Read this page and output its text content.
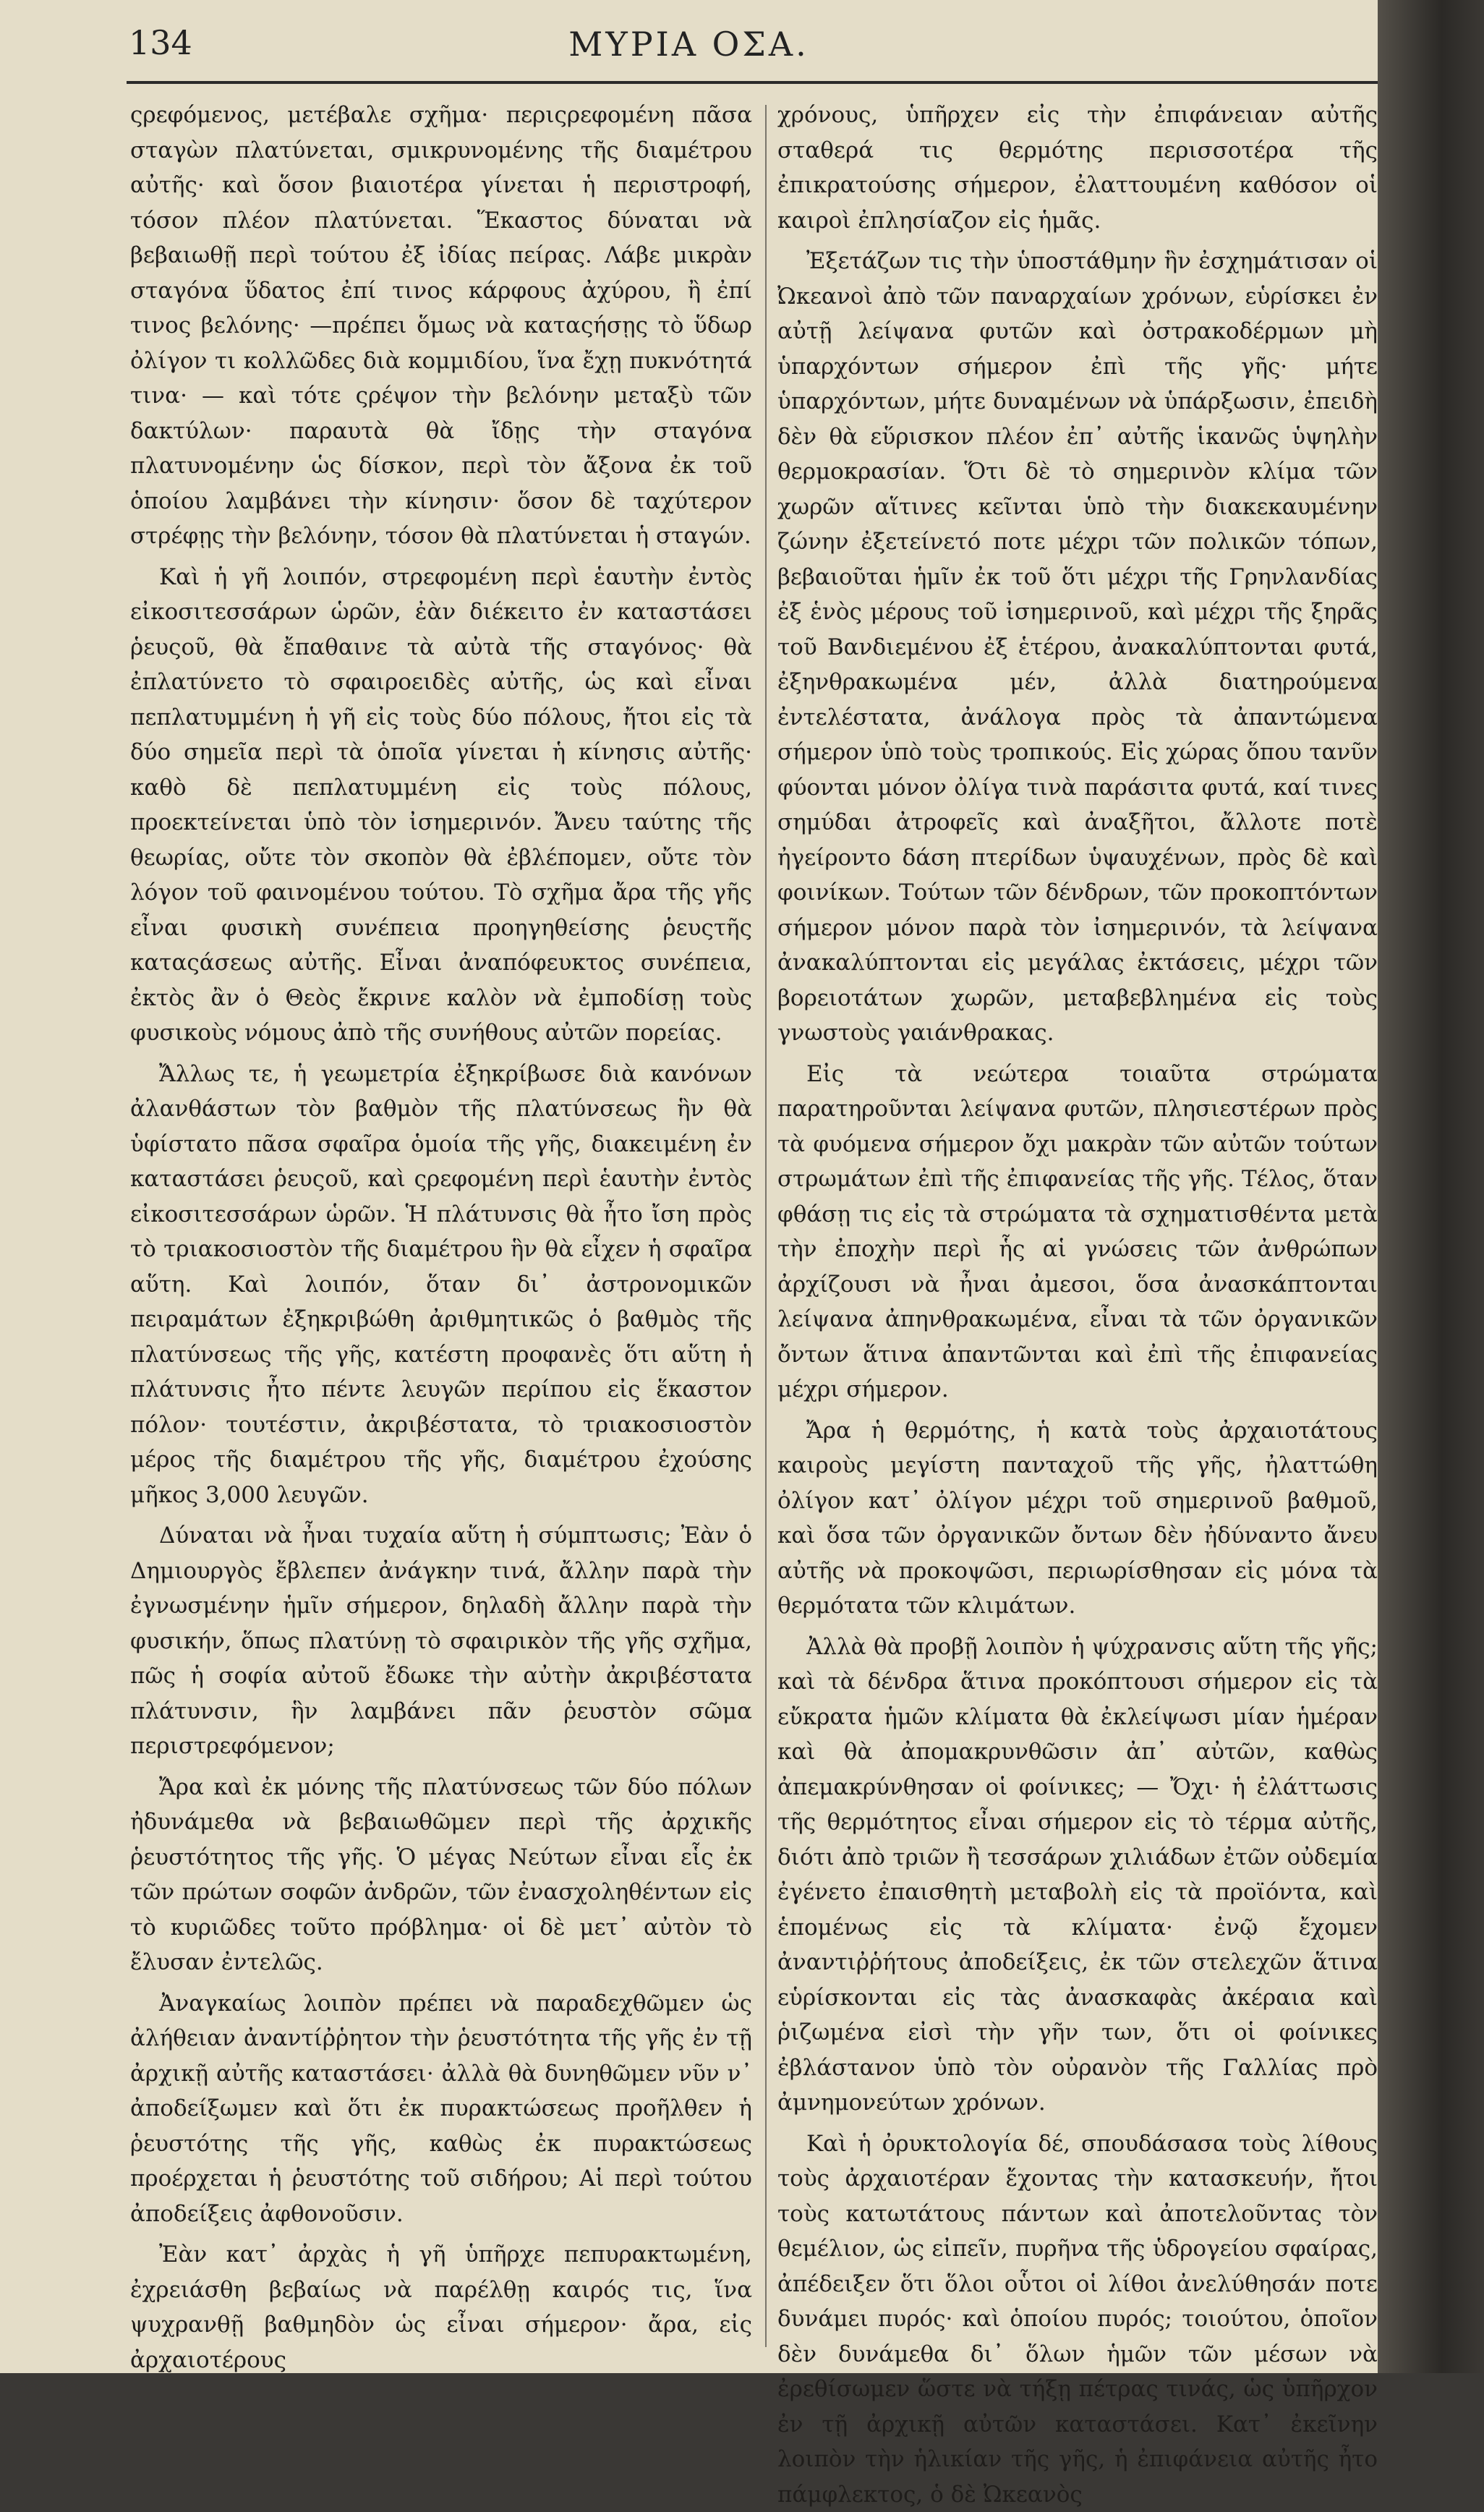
134	ΜΥΡΙΑ ΟΣΑ.

ςρεφόμενος, μετέβαλε σχῆμα· περιςρεφομένη πᾶσα σταγὼν πλατύνεται, σμικρυνομένης τῆς διαμέτρου αὐτῆς· καὶ ὅσον βιαιοτέρα γίνεται ἡ περιστροφή, τόσον πλέον πλατύνεται. Ἕκαστος δύναται νὰ βεβαιωθῇ περὶ τούτου ἐξ ἰδίας πείρας. Λάβε μικρὰν σταγόνα ὕδατος ἐπί τινος κάρφους ἀχύρου, ἢ ἐπί τινος βελόνης· —πρέπει ὅμως νὰ καταςήσῃς τὸ ὕδωρ ὀλίγον τι κολλῶδες διὰ κομμιδίου, ἵνα ἔχῃ πυκνότητά τινα· — καὶ τότε ςρέψον τὴν βελόνην μεταξὺ τῶν δακτύλων· παραυτὰ θὰ ἴδῃς τὴν σταγόνα πλατυνομένην ὡς δίσκον, περὶ τὸν ἄξονα ἐκ τοῦ ὁποίου λαμβάνει τὴν κίνησιν· ὅσον δὲ ταχύτερον στρέφῃς τὴν βελόνην, τόσον θὰ πλατύνεται ἡ σταγών.

Καὶ ἡ γῆ λοιπόν, στρεφομένη περὶ ἑαυτὴν ἐντὸς εἰκοσιτεσσάρων ὡρῶν, ἐὰν διέκειτο ἐν καταστάσει ῥευςοῦ, θὰ ἔπαθαινε τὰ αὐτὰ τῆς σταγόνος· θὰ ἐπλατύνετο τὸ σφαιροειδὲς αὐτῆς, ὡς καὶ εἶναι πεπλατυμμένη ἡ γῆ εἰς τοὺς δύο πόλους, ἤτοι εἰς τὰ δύο σημεῖα περὶ τὰ ὁποῖα γίνεται ἡ κίνησις αὐτῆς· καθὸ δὲ πεπλατυμμένη εἰς τοὺς πόλους, προεκτείνεται ὑπὸ τὸν ἰσημερινόν. Ἄνευ ταύτης τῆς θεωρίας, οὔτε τὸν σκοπὸν θὰ ἐβλέπομεν, οὔτε τὸν λόγον τοῦ φαινομένου τούτου. Τὸ σχῆμα ἄρα τῆς γῆς εἶναι φυσικὴ συνέπεια προηγηθείσης ῥευςτῆς καταςάσεως αὐτῆς. Εἶναι ἀναπόφευκτος συνέπεια, ἐκτὸς ἂν ὁ Θεὸς ἔκρινε καλὸν νὰ ἐμποδίσῃ τοὺς φυσικοὺς νόμους ἀπὸ τῆς συνήθους αὐτῶν πορείας.

Ἄλλως τε, ἡ γεωμετρία ἐξηκρίβωσε διὰ κανόνων ἀλανθάστων τὸν βαθμὸν τῆς πλατύνσεως ἣν θὰ ὑφίστατο πᾶσα σφαῖρα ὁμοία τῆς γῆς, διακειμένη ἐν καταστάσει ῥευςοῦ, καὶ ςρεφομένη περὶ ἑαυτὴν ἐντὸς εἰκοσιτεσσάρων ὡρῶν. Ἡ πλάτυνσις θὰ ἦτο ἴση πρὸς τὸ τριακοσιοστὸν τῆς διαμέτρου ἣν θὰ εἶχεν ἡ σφαῖρα αὕτη. Καὶ λοιπόν, ὅταν δι᾽ ἀστρονομικῶν πειραμάτων ἐξηκριβώθη ἀριθμητικῶς ὁ βαθμὸς τῆς πλατύνσεως τῆς γῆς, κατέστη προφανὲς ὅτι αὕτη ἡ πλάτυνσις ἦτο πέντε λευγῶν περίπου εἰς ἕκαστον πόλον· τουτέστιν, ἀκριβέστατα, τὸ τριακοσιοστὸν μέρος τῆς διαμέτρου τῆς γῆς, διαμέτρου ἐχούσης μῆκος 3,000 λευγῶν.

Δύναται νὰ ἦναι τυχαία αὕτη ἡ σύμπτωσις; Ἐὰν ὁ Δημιουργὸς ἔβλεπεν ἀνάγκην τινά, ἄλλην παρὰ τὴν ἐγνωσμένην ἡμῖν σήμερον, δηλαδὴ ἄλλην παρὰ τὴν φυσικήν, ὅπως πλατύνῃ τὸ σφαιρικὸν τῆς γῆς σχῆμα, πῶς ἡ σοφία αὐτοῦ ἔδωκε τὴν αὐτὴν ἀκριβέστατα πλάτυνσιν, ἣν λαμβάνει πᾶν ῥευστὸν σῶμα περιστρεφόμενον;

Ἄρα καὶ ἐκ μόνης τῆς πλατύνσεως τῶν δύο πόλων ἠδυνάμεθα νὰ βεβαιωθῶμεν περὶ τῆς ἀρχικῆς ῥευστότητος τῆς γῆς. Ὁ μέγας Νεύτων εἶναι εἷς ἐκ τῶν πρώτων σοφῶν ἀνδρῶν, τῶν ἐνασχοληθέντων εἰς τὸ κυριῶδες τοῦτο πρόβλημα· οἱ δὲ μετ᾽ αὐτὸν τὸ ἔλυσαν ἐντελῶς.

Ἀναγκαίως λοιπὸν πρέπει νὰ παραδεχθῶμεν ὡς ἀλήθειαν ἀναντίῤῥητον τὴν ῥευστότητα τῆς γῆς ἐν τῇ ἀρχικῇ αὐτῆς καταστάσει· ἀλλὰ θὰ δυνηθῶμεν νῦν ν᾽ ἀποδείξωμεν καὶ ὅτι ἐκ πυρακτώσεως προῆλθεν ἡ ῥευστότης τῆς γῆς, καθὼς ἐκ πυρακτώσεως προέρχεται ἡ ῥευστότης τοῦ σιδήρου; Αἱ περὶ τούτου ἀποδείξεις ἀφθονοῦσιν.

Ἐὰν κατ᾽ ἀρχὰς ἡ γῆ ὑπῆρχε πεπυρακτωμένη, ἐχρειάσθη βεβαίως νὰ παρέλθῃ καιρός τις, ἵνα ψυχρανθῇ βαθμηδὸν ὡς εἶναι σήμερον· ἄρα, εἰς ἀρχαιοτέρους

χρόνους, ὑπῆρχεν εἰς τὴν ἐπιφάνειαν αὐτῆς σταθερά τις θερμότης περισσοτέρα τῆς ἐπικρατούσης σήμερον, ἐλαττουμένη καθόσον οἱ καιροὶ ἐπλησίαζον εἰς ἡμᾶς.

Ἐξετάζων τις τὴν ὑποστάθμην ἣν ἐσχημάτισαν οἱ Ὠκεανοὶ ἀπὸ τῶν παναρχαίων χρόνων, εὑρίσκει ἐν αὐτῇ λείψανα φυτῶν καὶ ὀστρακοδέρμων μὴ ὑπαρχόντων σήμερον ἐπὶ τῆς γῆς· μήτε ὑπαρχόντων, μήτε δυναμένων νὰ ὑπάρξωσιν, ἐπειδὴ δὲν θὰ εὕρισκον πλέον ἐπ᾽ αὐτῆς ἱκανῶς ὑψηλὴν θερμοκρασίαν. Ὅτι δὲ τὸ σημερινὸν κλίμα τῶν χωρῶν αἵτινες κεῖνται ὑπὸ τὴν διακεκαυμένην ζώνην ἐξετείνετό ποτε μέχρι τῶν πολικῶν τόπων, βεβαιοῦται ἡμῖν ἐκ τοῦ ὅτι μέχρι τῆς Γρηνλανδίας ἐξ ἑνὸς μέρους τοῦ ἰσημερινοῦ, καὶ μέχρι τῆς ξηρᾶς τοῦ Βανδιεμένου ἐξ ἑτέρου, ἀνακαλύπτονται φυτά, ἐξηνθρακωμένα μέν, ἀλλὰ διατηρούμενα ἐντελέστατα, ἀνάλογα πρὸς τὰ ἀπαντώμενα σήμερον ὑπὸ τοὺς τροπικούς. Εἰς χώρας ὅπου τανῦν φύονται μόνον ὀλίγα τινὰ παράσιτα φυτά, καί τινες σημύδαι ἀτροφεῖς καὶ ἀναξῆτοι, ἄλλοτε ποτὲ ἠγείροντο δάση πτερίδων ὑψαυχένων, πρὸς δὲ καὶ φοινίκων. Τούτων τῶν δένδρων, τῶν προκοπτόντων σήμερον μόνον παρὰ τὸν ἰσημερινόν, τὰ λείψανα ἀνακαλύπτονται εἰς μεγάλας ἐκτάσεις, μέχρι τῶν βορειοτάτων χωρῶν, μεταβεβλημένα εἰς τοὺς γνωστοὺς γαιάνθρακας.

Εἰς τὰ νεώτερα τοιαῦτα στρώματα παρατηροῦνται λείψανα φυτῶν, πλησιεστέρων πρὸς τὰ φυόμενα σήμερον ὄχι μακρὰν τῶν αὐτῶν τούτων στρωμάτων ἐπὶ τῆς ἐπιφανείας τῆς γῆς. Τέλος, ὅταν φθάσῃ τις εἰς τὰ στρώματα τὰ σχηματισθέντα μετὰ τὴν ἐποχὴν περὶ ἧς αἱ γνώσεις τῶν ἀνθρώπων ἀρχίζουσι νὰ ἦναι ἀμεσοι, ὅσα ἀνασκάπτονται λείψανα ἀπηνθρακωμένα, εἶναι τὰ τῶν ὀργανικῶν ὄντων ἅτινα ἀπαντῶνται καὶ ἐπὶ τῆς ἐπιφανείας μέχρι σήμερον.

Ἄρα ἡ θερμότης, ἡ κατὰ τοὺς ἀρχαιοτάτους καιροὺς μεγίστη πανταχοῦ τῆς γῆς, ἠλαττώθη ὀλίγον κατ᾽ ὀλίγον μέχρι τοῦ σημερινοῦ βαθμοῦ, καὶ ὅσα τῶν ὀργανικῶν ὄντων δὲν ἠδύναντο ἄνευ αὐτῆς νὰ προκοψῶσι, περιωρίσθησαν εἰς μόνα τὰ θερμότατα τῶν κλιμάτων.

Ἀλλὰ θὰ προβῇ λοιπὸν ἡ ψύχρανσις αὕτη τῆς γῆς; καὶ τὰ δένδρα ἅτινα προκόπτουσι σήμερον εἰς τὰ εὔκρατα ἡμῶν κλίματα θὰ ἐκλείψωσι μίαν ἡμέραν καὶ θὰ ἀπομακρυνθῶσιν ἀπ᾽ αὐτῶν, καθὼς ἀπεμακρύνθησαν οἱ φοίνικες; — Ὄχι· ἡ ἐλάττωσις τῆς θερμότητος εἶναι σήμερον εἰς τὸ τέρμα αὐτῆς, διότι ἀπὸ τριῶν ἢ τεσσάρων χιλιάδων ἐτῶν οὐδεμία ἐγένετο ἐπαισθητὴ μεταβολὴ εἰς τὰ προϊόντα, καὶ ἑπομένως εἰς τὰ κλίματα· ἐνῷ ἔχομεν ἀναντιῤῥήτους ἀποδείξεις, ἐκ τῶν στελεχῶν ἅτινα εὑρίσκονται εἰς τὰς ἀνασκαφὰς ἀκέραια καὶ ῥιζωμένα εἰσὶ τὴν γῆν των, ὅτι οἱ φοίνικες ἐβλάστανον ὑπὸ τὸν οὐρανὸν τῆς Γαλλίας πρὸ ἀμνημονεύτων χρόνων.

Καὶ ἡ ὀρυκτολογία δέ, σπουδάσασα τοὺς λίθους τοὺς ἀρχαιοτέραν ἔχοντας τὴν κατασκευήν, ἤτοι τοὺς κατωτάτους πάντων καὶ ἀποτελοῦντας τὸν θεμέλιον, ὡς εἰπεῖν, πυρῆνα τῆς ὑδρογείου σφαίρας, ἀπέδειξεν ὅτι ὅλοι οὗτοι οἱ λίθοι ἀνελύθησάν ποτε δυνάμει πυρός· καὶ ὁποίου πυρός; τοιούτου, ὁποῖον δὲν δυνάμεθα δι᾽ ὅλων ἡμῶν τῶν μέσων νὰ ἐρεθίσωμεν ὥστε νὰ τήξῃ πέτρας τινάς, ὡς ὑπῆρχον ἐν τῇ ἀρχικῇ αὐτῶν καταστάσει. Κατ᾽ ἐκεῖνην λοιπὸν τὴν ἡλικίαν τῆς γῆς, ἡ ἐπιφάνεια αὐτῆς ἦτο πάμφλεκτος, ὁ δὲ Ὠκεανὸς
